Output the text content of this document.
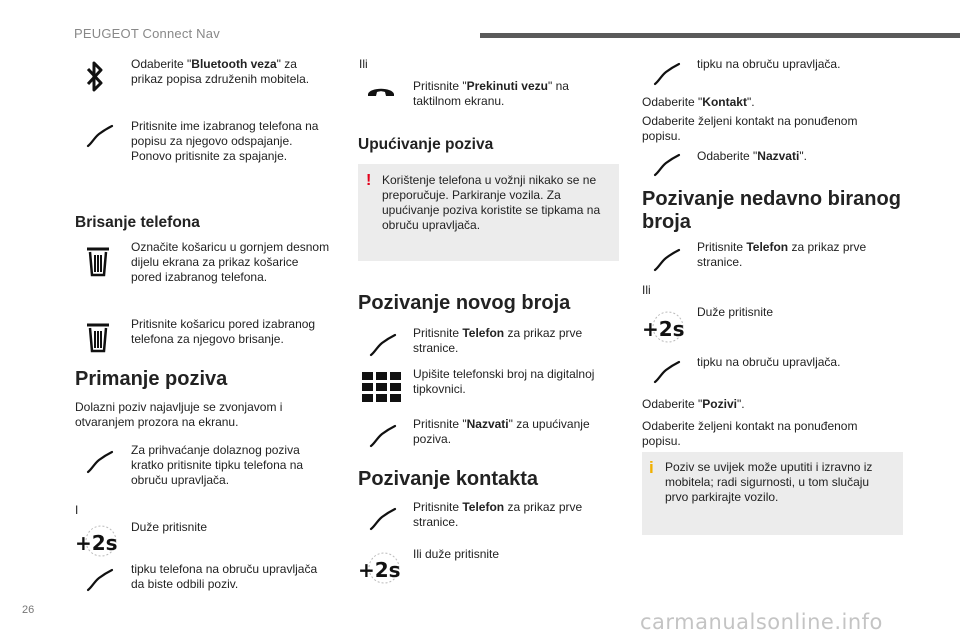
PEUGEOT Connect Nav
26	carmanualsonline.info
Odaberite "Bluetooth veza" za prikaz popisa združenih mobitela.
Pritisnite ime izabranog telefona na popisu za njegovo odspajanje. Ponovo pritisnite za spajanje.
Brisanje telefona
Označite košaricu u gornjem desnom dijelu ekrana za prikaz košarice pored izabranog telefona.
Pritisnite košaricu pored izabranog telefona za njegovo brisanje.
Primanje poziva
Dolazni poziv najavljuje se zvonjavom i otvaranjem prozora na ekranu.
Za prihvaćanje dolaznog poziva kratko pritisnite tipku telefona na obruču upravljača.
I
+2s
Duže pritisnite
tipku telefona na obruču upravljača da biste odbili poziv.
Ili
Pritisnite "Prekinuti vezu" na taktilnom ekranu.
Upućivanje poziva
! Korištenje telefona u vožnji nikako se ne preporučuje. Parkiranje vozila. Za upućivanje poziva koristite se tipkama na obruču upravljača.
Pozivanje novog broja
Pritisnite Telefon za prikaz prve stranice.
Upišite telefonski broj na digitalnoj tipkovnici.
Pritisnite "Nazvati" za upućivanje poziva.
Pozivanje kontakta
Pritisnite Telefon za prikaz prve stranice.
+2s
Ili duže pritisnite
tipku na obruču upravljača.
Odaberite "Kontakt".
Odaberite željeni kontakt na ponuđenom popisu.
Odaberite "Nazvati".
Pozivanje nedavno biranog broja
Pritisnite Telefon za prikaz prve stranice.
Ili
+2s
Duže pritisnite
tipku na obruču upravljača.
Odaberite "Pozivi".
Odaberite željeni kontakt na ponuđenom popisu.
i Poziv se uvijek može uputiti i izravno iz mobitela; radi sigurnosti, u tom slučaju prvo parkirajte vozilo.
